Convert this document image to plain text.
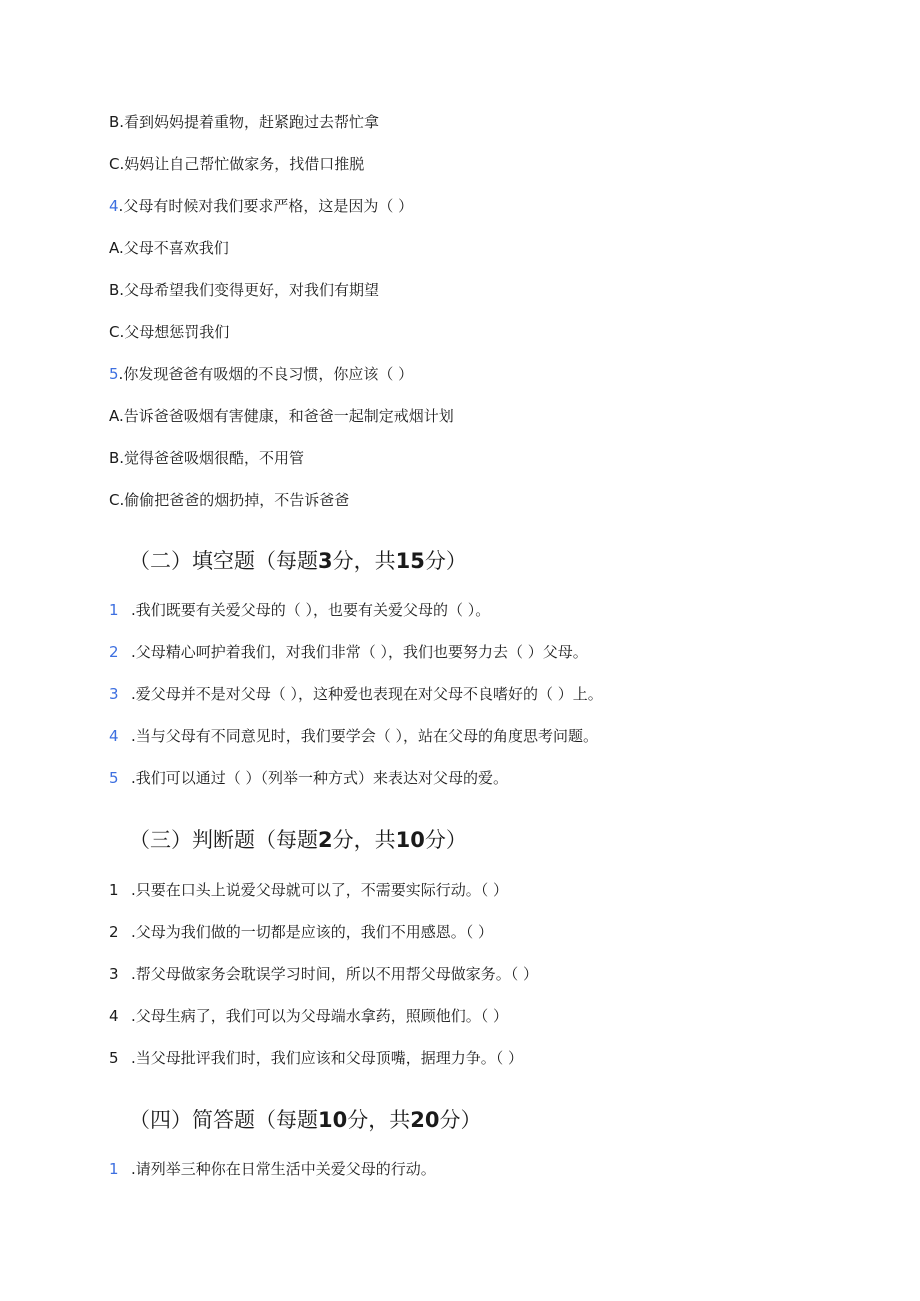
B.看到妈妈提着重物，赶紧跑过去帮忙拿
C.妈妈让自己帮忙做家务，找借口推脱
4.父母有时候对我们要求严格，这是因为（ ）
A.父母不喜欢我们
B.父母希望我们变得更好，对我们有期望
C.父母想惩罚我们
5.你发现爸爸有吸烟的不良习惯，你应该（ ）
A.告诉爸爸吸烟有害健康，和爸爸一起制定戒烟计划
B.觉得爸爸吸烟很酷，不用管
C.偷偷把爸爸的烟扔掉，不告诉爸爸
（二）填空题（每题3分，共15分）
1 .我们既要有关爱父母的（ ），也要有关爱父母的（ ）。
2 .父母精心呵护着我们，对我们非常（ ），我们也要努力去（ ）父母。
3 .爱父母并不是对父母（ ），这种爱也表现在对父母不良嗜好的（ ）上。
4 .当与父母有不同意见时，我们要学会（ ），站在父母的角度思考问题。
5 .我们可以通过（ ）（列举一种方式）来表达对父母的爱。
（三）判断题（每题2分，共10分）
1 .只要在口头上说爱父母就可以了，不需要实际行动。（ ）
2 .父母为我们做的一切都是应该的，我们不用感恩。（ ）
3 .帮父母做家务会耽误学习时间，所以不用帮父母做家务。（ ）
4 .父母生病了，我们可以为父母端水拿药，照顾他们。（ ）
5 .当父母批评我们时，我们应该和父母顶嘴，据理力争。（ ）
（四）简答题（每题10分，共20分）
1 .请列举三种你在日常生活中关爱父母的行动。
